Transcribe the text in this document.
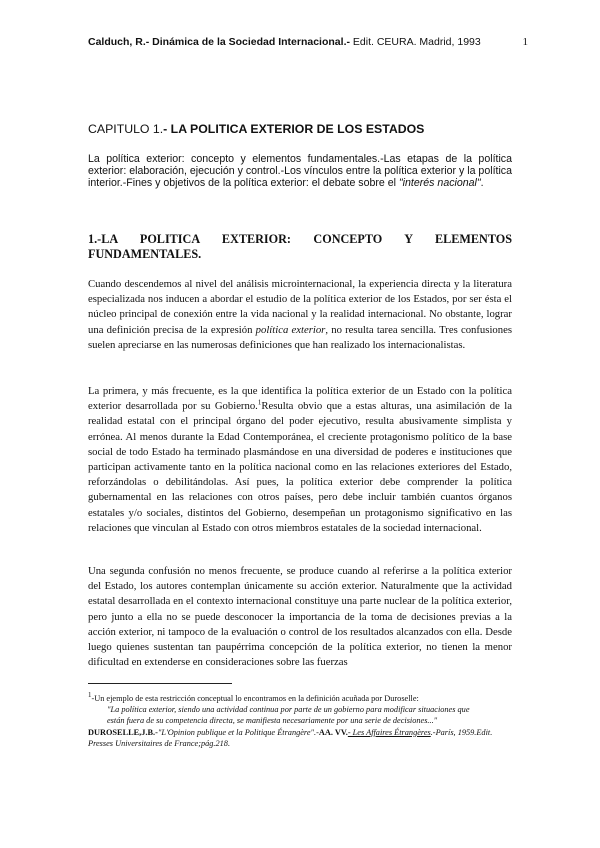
Calduch, R.- Dinámica de la Sociedad Internacional.- Edit. CEURA. Madrid, 1993	1
CAPITULO 1.- LA POLITICA EXTERIOR DE LOS ESTADOS
La política exterior: concepto y elementos fundamentales.-Las etapas de la política exterior: elaboración, ejecución y control.-Los vínculos entre la política exterior y la política interior.-Fines y objetivos de la política exterior: el debate sobre el "interés nacional".
1.-LA POLITICA EXTERIOR: CONCEPTO Y ELEMENTOS
FUNDAMENTALES.

Cuando descendemos al nivel del análisis microinternacional, la experiencia directa y la literatura especializada nos inducen a abordar el estudio de la política exterior de los Estados, por ser ésta el núcleo principal de conexión entre la vida nacional y la realidad internacional. No obstante, lograr una definición precisa de la expresión política exterior, no resulta tarea sencilla. Tres confusiones suelen apreciarse en las numerosas definiciones que han realizado los internacionalistas.

La primera, y más frecuente, es la que identifica la política exterior de un Estado con la política exterior desarrollada por su Gobierno.$^1$Resulta obvio que a estas alturas, una asimilación de la realidad estatal con el principal órgano del poder ejecutivo, resulta abusivamente simplista y errónea. Al menos durante la Edad Contemporánea, el creciente protagonismo político de la base social de todo Estado ha terminado plasmándose en una diversidad de poderes e instituciones que participan activamente tanto en la política nacional como en las relaciones exteriores del Estado, reforzándolas o debilitándolas. Así pues, la política exterior debe comprender la política gubernamental en las relaciones con otros países, pero debe incluir también cuantos órganos estatales y/o sociales, distintos del Gobierno, desempeñan un protagonismo significativo en las relaciones que vinculan al Estado con otros miembros estatales de la sociedad internacional.

Una segunda confusión no menos frecuente, se produce cuando al referirse a la política exterior del Estado, los autores contemplan únicamente su acción exterior. Naturalmente que la actividad estatal desarrollada en el contexto internacional constituye una parte nuclear de la política exterior, pero junto a ella no se puede desconocer la importancia de la toma de decisiones previas a la acción exterior, ni tampoco de la evaluación o control de los resultados alcanzados con ella. Desde luego quienes sustentan tan paupérrima concepción de la política exterior, no tienen la menor dificultad en extenderse en consideraciones sobre las fuerzas

$^1$-Un ejemplo de esta restricción conceptual lo encontramos en la definición acuñada por Duroselle:
"La política exterior, siendo una actividad continua por parte de un gobierno para modificar situaciones que están fuera de su competencia directa, se manifiesta necesariamente por una serie de decisiones..."
DUROSELLE,J.B.-"L'Opinion publique et la Politique Étrangère".-AA. VV.- Les Affaires Étrangères.-París, 1959.Edit. Presses Universitaires de France;pág.218.
